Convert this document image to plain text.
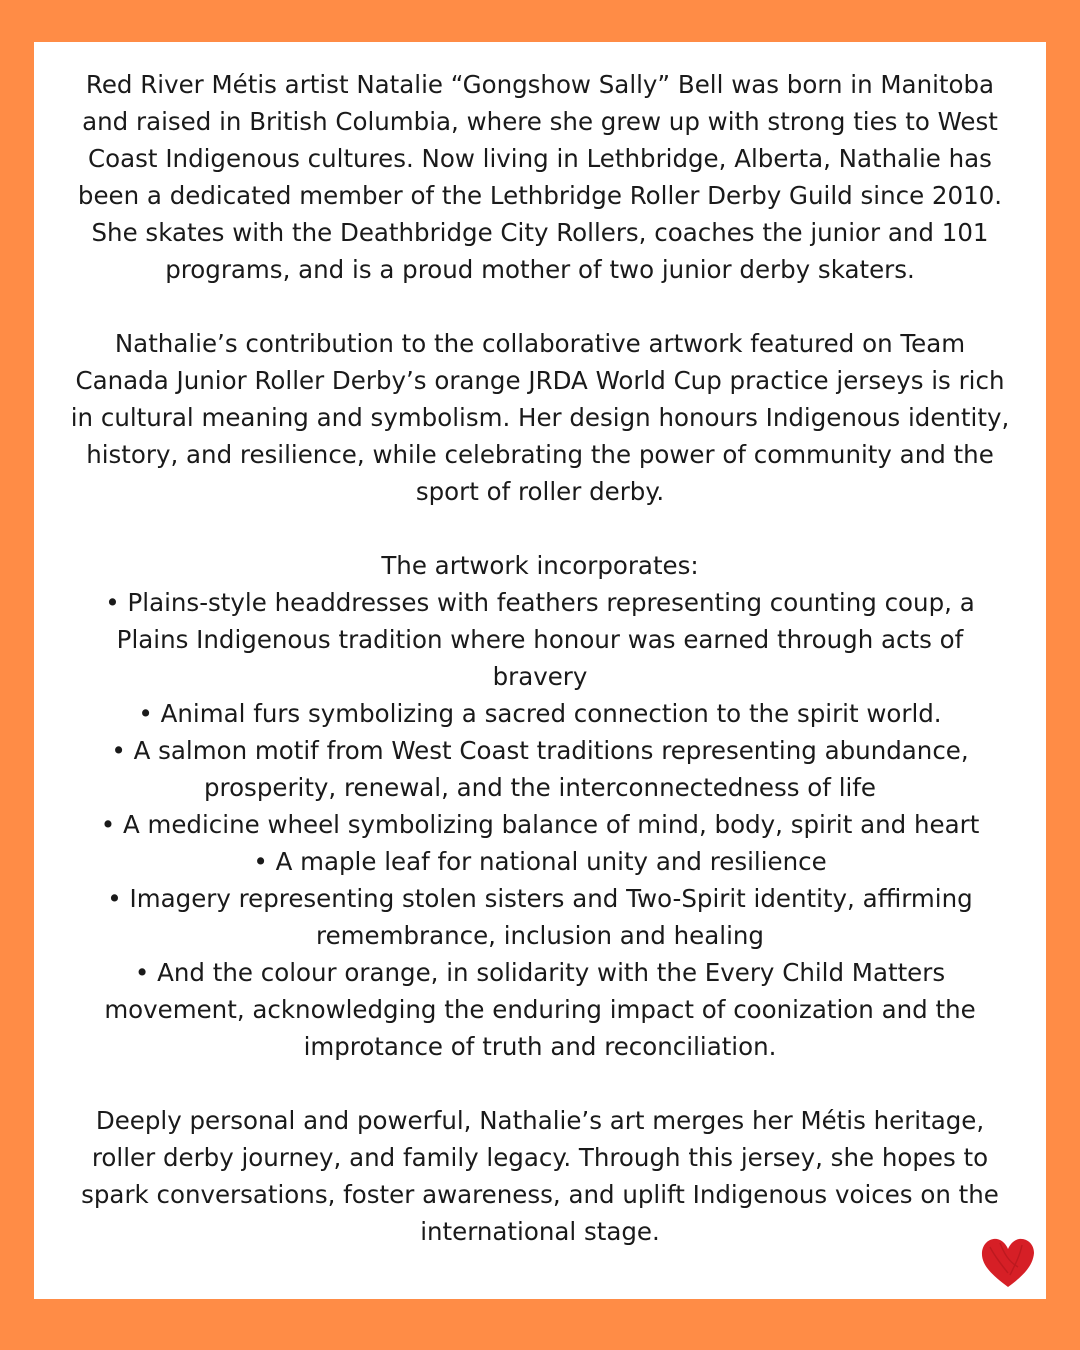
Red River Métis artist Natalie “Gongshow Sally” Bell was born in Manitoba
and raised in British Columbia, where she grew up with strong ties to West
Coast Indigenous cultures. Now living in Lethbridge, Alberta, Nathalie has
been a dedicated member of the Lethbridge Roller Derby Guild since 2010.
She skates with the Deathbridge City Rollers, coaches the junior and 101
programs, and is a proud mother of two junior derby skaters.

Nathalie’s contribution to the collaborative artwork featured on Team
Canada Junior Roller Derby’s orange JRDA World Cup practice jerseys is rich
in cultural meaning and symbolism. Her design honours Indigenous identity,
history, and resilience, while celebrating the power of community and the
sport of roller derby.

The artwork incorporates:
• Plains-style headdresses with feathers representing counting coup, a
Plains Indigenous tradition where honour was earned through acts of
bravery
• Animal furs symbolizing a sacred connection to the spirit world.
• A salmon motif from West Coast traditions representing abundance,
prosperity, renewal, and the interconnectedness of life
• A medicine wheel symbolizing balance of mind, body, spirit and heart
• A maple leaf for national unity and resilience
• Imagery representing stolen sisters and Two-Spirit identity, affirming
remembrance, inclusion and healing
• And the colour orange, in solidarity with the Every Child Matters
movement, acknowledging the enduring impact of coonization and the
improtance of truth and reconciliation.

Deeply personal and powerful, Nathalie’s art merges her Métis heritage,
roller derby journey, and family legacy. Through this jersey, she hopes to
spark conversations, foster awareness, and uplift Indigenous voices on the
international stage.
